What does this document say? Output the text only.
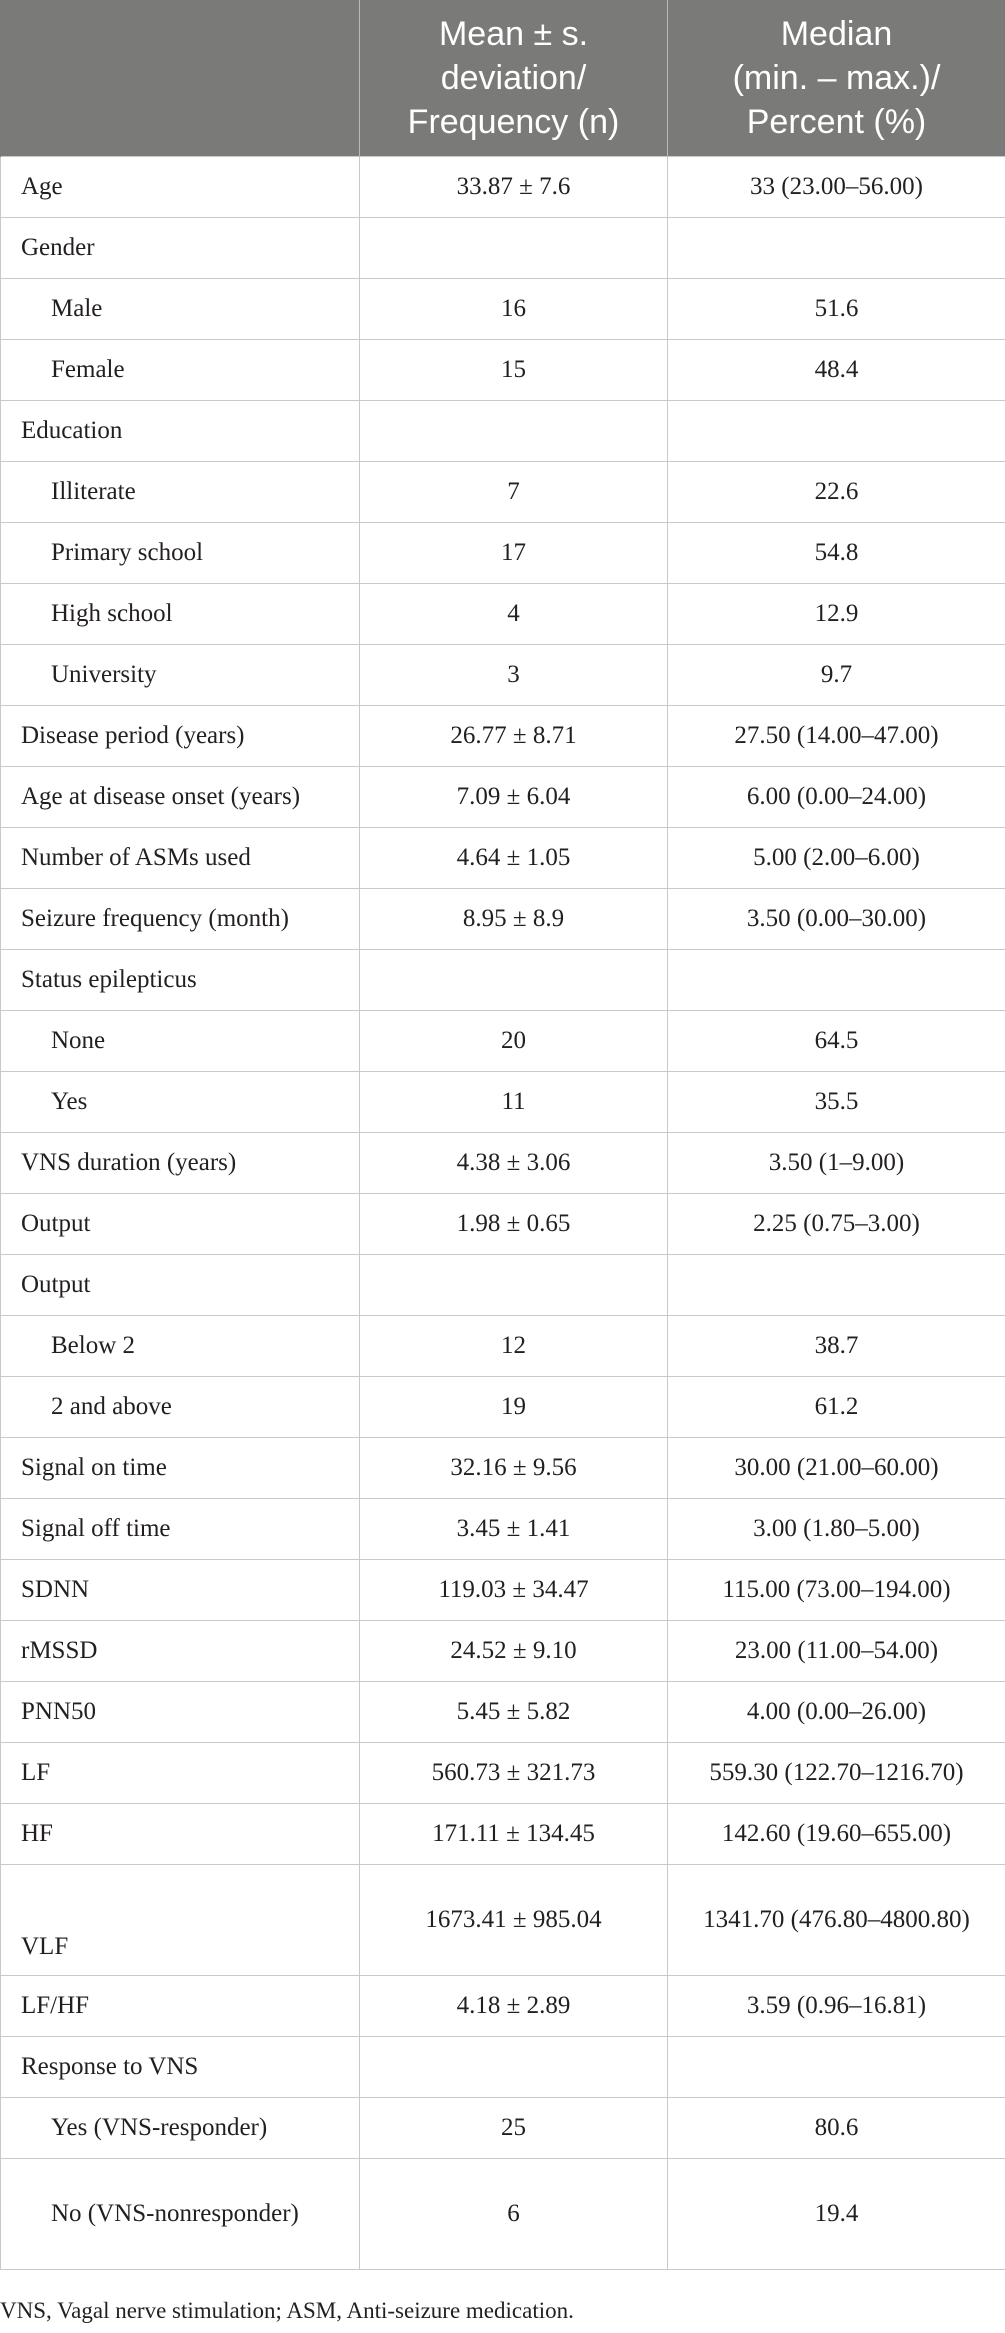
	Mean ± s.
deviation/
Frequency (n)	Median
(min. – max.)/
Percent (%)

Age	33.87 ± 7.6	33 (23.00–56.00)
Gender		
Male	16	51.6
Female	15	48.4
Education		
Illiterate	7	22.6
Primary school	17	54.8
High school	4	12.9
University	3	9.7
Disease period (years)	26.77 ± 8.71	27.50 (14.00–47.00)
Age at disease onset (years)	7.09 ± 6.04	6.00 (0.00–24.00)
Number of ASMs used	4.64 ± 1.05	5.00 (2.00–6.00)
Seizure frequency (month)	8.95 ± 8.9	3.50 (0.00–30.00)
Status epilepticus		
None	20	64.5
Yes	11	35.5
VNS duration (years)	4.38 ± 3.06	3.50 (1–9.00)
Output	1.98 ± 0.65	2.25 (0.75–3.00)
Output		
Below 2	12	38.7
2 and above	19	61.2
Signal on time	32.16 ± 9.56	30.00 (21.00–60.00)
Signal off time	3.45 ± 1.41	3.00 (1.80–5.00)
SDNN	119.03 ± 34.47	115.00 (73.00–194.00)
rMSSD	24.52 ± 9.10	23.00 (11.00–54.00)
PNN50	5.45 ± 5.82	4.00 (0.00–26.00)
LF	560.73 ± 321.73	559.30 (122.70–1216.70)
HF	171.11 ± 134.45	142.60 (19.60–655.00)
VLF	1673.41 ± 985.04	1341.70 (476.80–4800.80)
LF/HF	4.18 ± 2.89	3.59 (0.96–16.81)
Response to VNS		
Yes (VNS-responder)	25	80.6
No (VNS-nonresponder)	6	19.4
VNS, Vagal nerve stimulation; ASM, Anti-seizure medication.
